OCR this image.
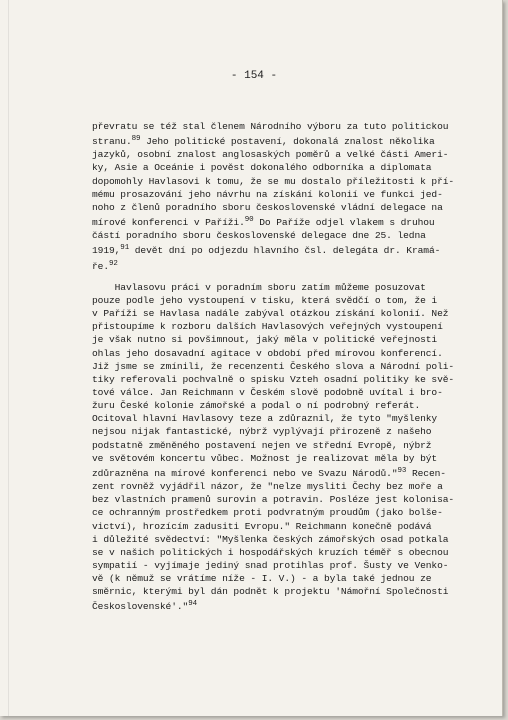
- 154 -

převratu se též stal členem Národního výboru za tuto politickou
stranu.$^{89}$ Jeho politické postavení, dokonalá znalost několika
jazyků, osobní znalost anglosaských poměrů a velké části Ameri-
ky, Asie a Oceánie i pověst dokonalého odborníka a diplomata
dopomohly Havlasovi k tomu, že se mu dostalo příležitosti k pří-
mému prosazování jeho návrhu na získání kolonií ve funkci jed-
noho z členů poradního sboru československé vládní delegace na
mírové konferenci v Paříži.$^{90}$ Do Paříže odjel vlakem s druhou
částí poradního sboru československé delegace dne 25. ledna
1919,91 devět dní po odjezdu hlavního čsl. delegáta dr. Kramá-
ře.$^{92}$
Havlasovu práci v poradním sboru zatím můžeme posuzovat
pouze podle jeho vystoupení v tisku, která svědčí o tom, že i
v Paříži se Havlasa nadále zabýval otázkou získání kolonií. Než
přistoupíme k rozboru dalších Havlasových veřejných vystoupení
je však nutno si povšimnout, jaký měla v politické veřejnosti
ohlas jeho dosavadní agitace v období před mírovou konferencí.
Již jsme se zmínili, že recenzenti Českého slova a Národní poli-
tiky referovali pochvalně o spisku Vzteh osadní politiky ke svě-
tové válce. Jan Reichmann v Českém slově podobně uvítal i bro-
žuru České kolonie zámořské a podal o ní podrobný referát.
Ocitoval hlavní Havlasovy teze a zdůraznil, že tyto "myšlenky
nejsou nijak fantastické, nýbrž vyplývají přirozeně z našeho
podstatně změněného postavení nejen ve střední Evropě, nýbrž
ve světovém koncertu vůbec. Možnost je realizovat měla by být
zdůrazněna na mírové konferenci nebo ve Svazu Národů."$^{93}$ Recen-
zent rovněž vyjádřil názor, že "nelze mysliti Čechy bez moře a
bez vlastních pramenů surovin a potravin. Posléze jest kolonisa-
ce ochranným prostředkem proti podvratným proudům (jako bolše-
victví), hrozícím zadusiti Evropu." Reichmann konečně podává
i důležité svědectví: "Myšlenka českých zámořských osad potkala
se v našich politických i hospodářských kruzích téměř s obecnou
sympatií - vyjímaje jediný snad protihlas prof. Šusty ve Venko-
vě (k němuž se vrátíme níže - I. V.) - a byla také jednou ze
směrnic, kterými byl dán podnět k projektu 'Námořní Společnosti
Československé'."$^{94}$
